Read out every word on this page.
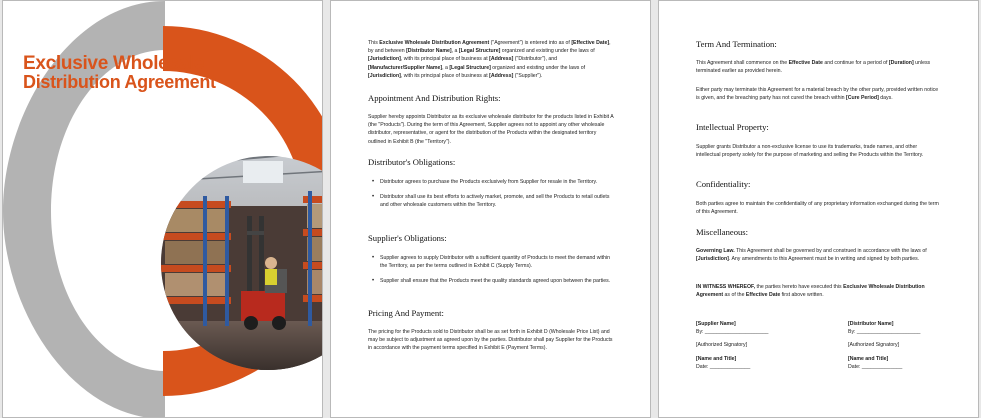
Exclusive Wholesale
Distribution Agreement

This Exclusive Wholesale Distribution Agreement ("Agreement") is entered into as of [Effective Date], by and between [Distributor Name], a [Legal Structure] organized and existing under the laws of [Jurisdiction], with its principal place of business at [Address] ("Distributor"), and [Manufacturer/Supplier Name], a [Legal Structure] organized and existing under the laws of [Jurisdiction], with its principal place of business at [Address] ("Supplier").

Appointment And Distribution Rights:
Supplier hereby appoints Distributor as its exclusive wholesale distributor for the products listed in Exhibit A (the "Products"). During the term of this Agreement, Supplier agrees not to appoint any other wholesale distributor, representative, or agent for the distribution of the Products within the designated territory outlined in Exhibit B (the "Territory").
Distributor's Obligations:
• Distributor agrees to purchase the Products exclusively from Supplier for resale in the Territory.
• Distributor shall use its best efforts to actively market, promote, and sell the Products to retail outlets and other wholesale customers within the Territory.
Supplier's Obligations:
• Supplier agrees to supply Distributor with a sufficient quantity of Products to meet the demand within the Territory, as per the terms outlined in Exhibit C (Supply Terms).
• Supplier shall ensure that the Products meet the quality standards agreed upon between the parties.
Pricing And Payment:
The pricing for the Products sold to Distributor shall be as set forth in Exhibit D (Wholesale Price List) and may be subject to adjustment as agreed upon by the parties. Distributor shall pay Supplier for the Products in accordance with the payment terms specified in Exhibit E (Payment Terms).
Term And Termination:

This Agreement shall commence on the Effective Date and continue for a period of [Duration] unless terminated earlier as provided herein.

Either party may terminate this Agreement for a material breach by the other party, provided written notice is given, and the breaching party has not cured the breach within [Cure Period] days.

Intellectual Property:
Supplier grants Distributor a non-exclusive license to use its trademarks, trade names, and other intellectual property solely for the purpose of marketing and selling the Products within the Territory.
Confidentiality:
Both parties agree to maintain the confidentiality of any proprietary information exchanged during the term of this Agreement.
Miscellaneous:

Governing Law. This Agreement shall be governed by and construed in accordance with the laws of [Jurisdiction]. Any amendments to this Agreement must be in writing and signed by both parties.

IN WITNESS WHEREOF, the parties hereto have executed this Exclusive Wholesale Distribution Agreement as of the Effective Date first above written.

[Supplier Name]
By: ______________________
[Authorized Signatory]
[Name and Title]
Date: ______________
[Distributor Name]
By: ______________________
[Authorized Signatory]
[Name and Title]
Date: ______________
